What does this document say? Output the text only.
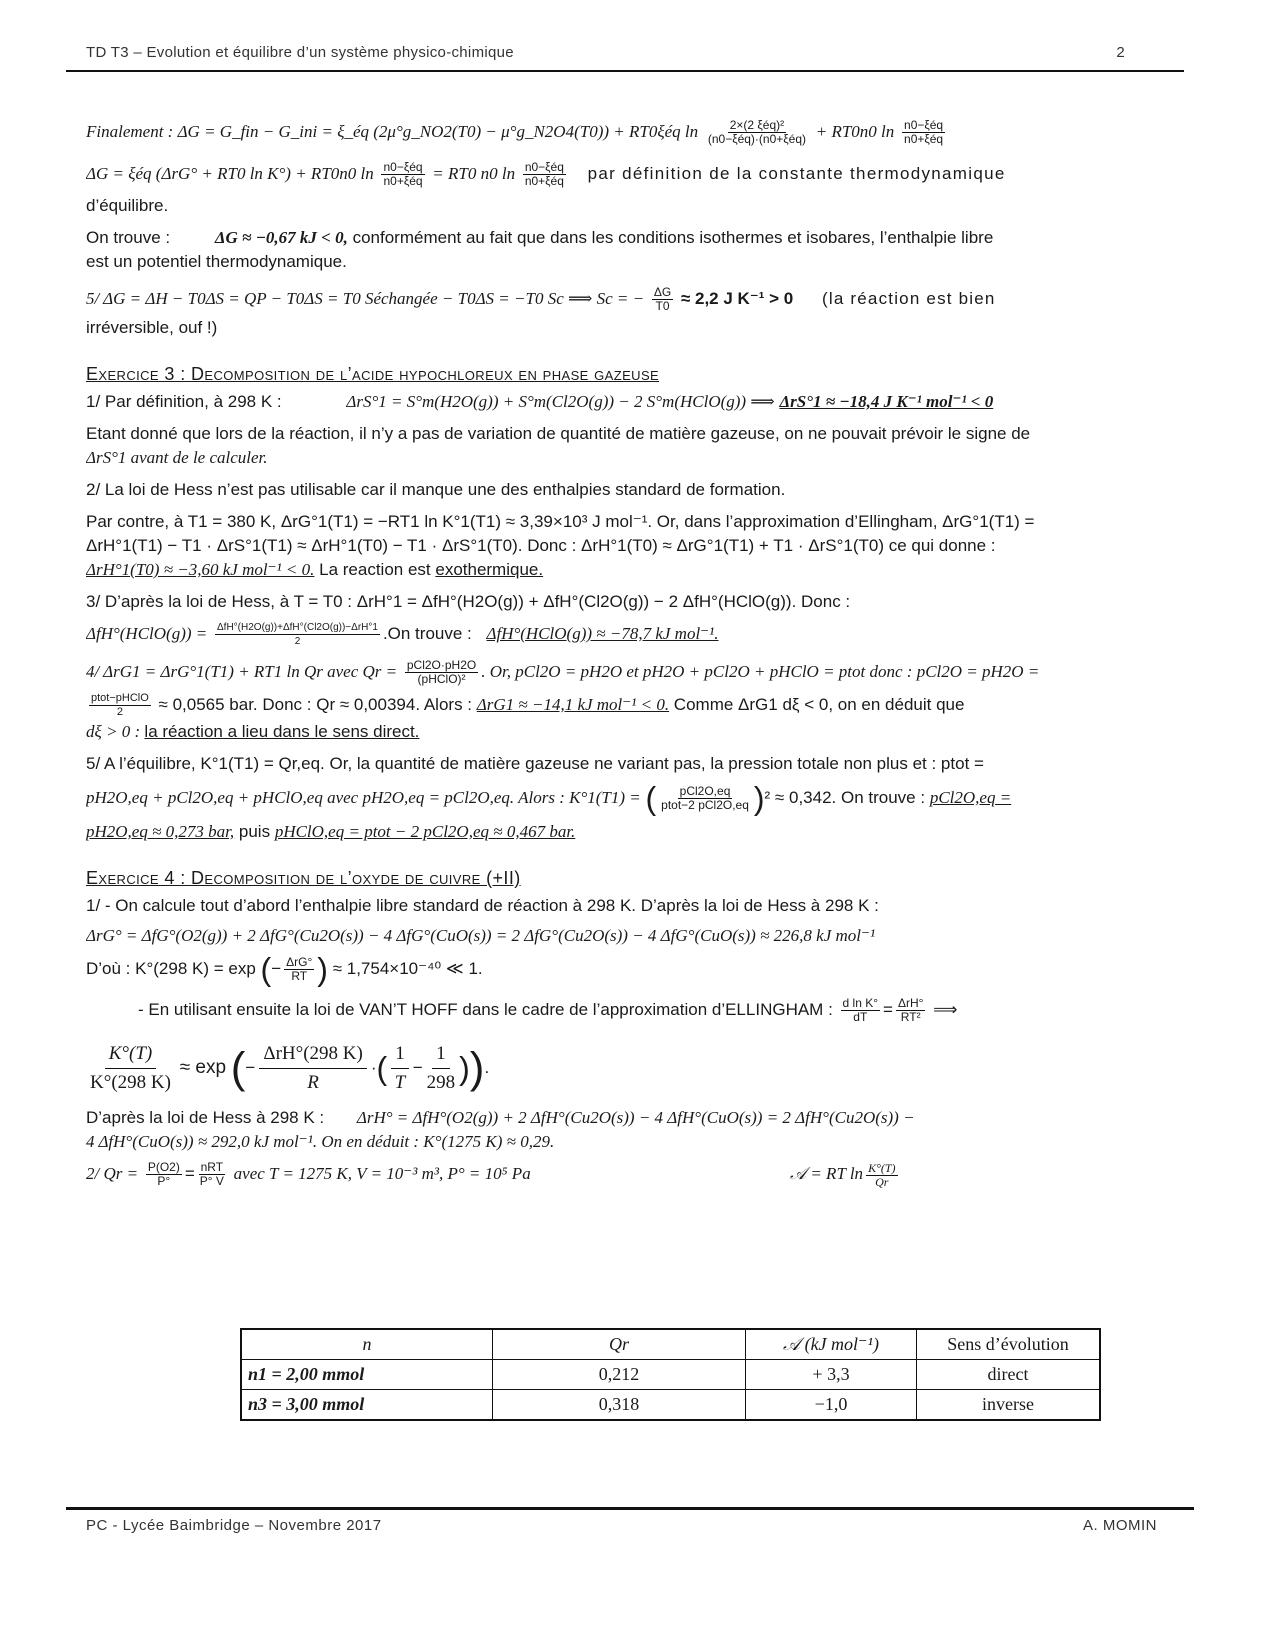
TD T3 – Evolution et équilibre d’un système physico-chimique	2

Finalement : ΔG = G_fin − G_ini = ξ_éq (2μ°g_NO2(T0) − μ°g_N2O4(T0)) + RT0ξéq $\ln \frac{\text{2×(2 ξéq)²}}{\text{(n0−ξéq)·(n0+ξéq)}} + RT0n0$ $\ln \frac{\text{n0−ξéq}}{\text{n0+ξéq}}$

ΔG = ξéq (ΔrG° + RT0 ln K°) + RT0n0 $\ln \frac{\text{n0−ξéq}}{\text{n0+ξéq}} = RT0$ n0 $\ln \frac{\text{n0−ξéq}}{\text{n0+ξéq}}$ par définition de la constante thermodynamique

d’équilibre.

On trouve :	ΔG ≈ −0,67 kJ < 0, conformément au fait que dans les conditions isothermes et isobares, l’enthalpie libre

est un potentiel thermodynamique.

5/ ΔG = ΔH − T0ΔS = QP − T0ΔS = T0 Séchangée − T0ΔS = −T0 Sc ⟹ Sc = − $\frac{\Delta G}{T0} \approx 2,2$ J K⁻¹ > 0 (la réaction est bien

irréversible, ouf !)

Exercice 3 : Decomposition de l’acide hypochloreux en phase gazeuse

1/ Par définition, à 298 K :	ΔrS°1 = S°m(H2O(g)) + S°m(Cl2O(g)) − 2 S°m(HClO(g)) ⟹ ΔrS°1 ≈ −18,4 J K⁻¹ mol⁻¹ < 0

Etant donné que lors de la réaction, il n’y a pas de variation de quantité de matière gazeuse, on ne pouvait prévoir le signe de

ΔrS°1 avant de le calculer.

2/ La loi de Hess n’est pas utilisable car il manque une des enthalpies standard de formation.

Par contre, à T1 = 380 K, ΔrG°1(T1) = −RT1 ln K°1(T1) ≈ 3,39×10³ J mol⁻¹. Or, dans l’approximation d’Ellingham, ΔrG°1(T1) =

ΔrH°1(T1) − T1 · ΔrS°1(T1) ≈ ΔrH°1(T0) − T1 · ΔrS°1(T0). Donc : ΔrH°1(T0) ≈ ΔrG°1(T1) + T1 · ΔrS°1(T0) ce qui donne :

ΔrH°1(T0) ≈ −3,60 kJ mol⁻¹ < 0. La reaction est exothermique.

3/ D’après la loi de Hess, à T = T0 : ΔrH°1 = ΔfH°(H2O(g)) + ΔfH°(Cl2O(g)) − 2 ΔfH°(HClO(g)). Donc :

ΔfH°(HClO(g)) = $\frac{\text{ΔfH°(H2O(g))+ΔfH°(Cl2O(g))−ΔrH°1}}{2} .On$ trouve : ΔfH°(HClO(g)) ≈ −78,7 kJ mol⁻¹.

4/ ΔrG1 = ΔrG°1(T1) + RT1 ln Qr avec $Qr = \frac{\text{pCl2O·pH2O}}{\text{(pHClO)²}}$ . Or, pCl2O = pH2O et pH2O + pCl2O + pHClO = ptot donc : pCl2O = pH2O =

$\frac{\text{ptot−pHClO}}{2} \approx 0,0565$ bar. Donc : Qr ≈ 0,00394. Alors : ΔrG1 ≈ −14,1 kJ mol⁻¹ < 0. Comme ΔrG1 dξ < 0, on en déduit que

dξ > 0 : la réaction a lieu dans le sens direct.

5/ A l’équilibre, K°1(T1) = Qr,eq. Or, la quantité de matière gazeuse ne variant pas, la pression totale non plus et : ptot =

pH2O,eq + pCl2O,eq + pHClO,eq avec pH2O,eq = pCl2O,eq. Alors : K°1(T1) = ( $\frac{\text{pCl2O,eq}}{\text{ptot−2 pCl2O,eq}} )^2 \approx 0,342$. On trouve : pCl2O,eq =

pH2O,eq ≈ 0,273 bar, puis pHClO,eq = ptot − 2 pCl2O,eq ≈ 0,467 bar.

Exercice 4 : Decomposition de l’oxyde de cuivre (+II)

1/ - On calcule tout d’abord l’enthalpie libre standard de réaction à 298 K. D’après la loi de Hess à 298 K :

ΔrG° = ΔfG°(O2(g)) + 2 ΔfG°(Cu2O(s)) − 4 ΔfG°(CuO(s)) = 2 ΔfG°(Cu2O(s)) − 4 ΔfG°(CuO(s)) ≈ 226,8 kJ mol⁻¹

D’où : K°(298 K) = exp (− $\frac{\text{ΔrG°}}{RT}$ ) ≈ 1,754×10⁻⁴⁰ ≪ 1.

- En utilisant ensuite la loi de VAN’T HOFF dans le cadre de l’approximation d’ELLINGHAM : $\frac{\text{d ln K°}}{dT} = \frac{\text{ΔrH°}}{\text{RT²}}$ ⟹

$\frac{K^\circ(T)}{K^\circ(298 K)} \approx \exp$ (−
ΔrH°(298 K)
R
·( $\frac{1}{T} - \frac{1}{298}$ )).

D’après la loi de Hess à 298 K : ΔrH° = ΔfH°(O2(g)) + 2 ΔfH°(Cu2O(s)) − 4 ΔfH°(CuO(s)) = 2 ΔfH°(Cu2O(s)) −

4 ΔfH°(CuO(s)) ≈ 292,0 kJ mol⁻¹. On en déduit : K°(1275 K) ≈ 0,29.

2/ $Qr = \frac{P(O2)}{P^\circ} = \frac{\text{nRT}}{P^\circ V}$ avec T = 1275 K, V = 10⁻³ m³, P° = 10⁵ Pa	𝒜 = RT $\ln \frac{K^\circ(T)}{Qr}$

n	Qr	𝒜 (kJ mol⁻¹)	Sens d’évolution
n1 = 2,00 mmol	0,212	+ 3,3	direct
n3 = 3,00 mmol	0,318	−1,0	inverse
PC - Lycée Baimbridge – Novembre 2017	A. MOMIN
